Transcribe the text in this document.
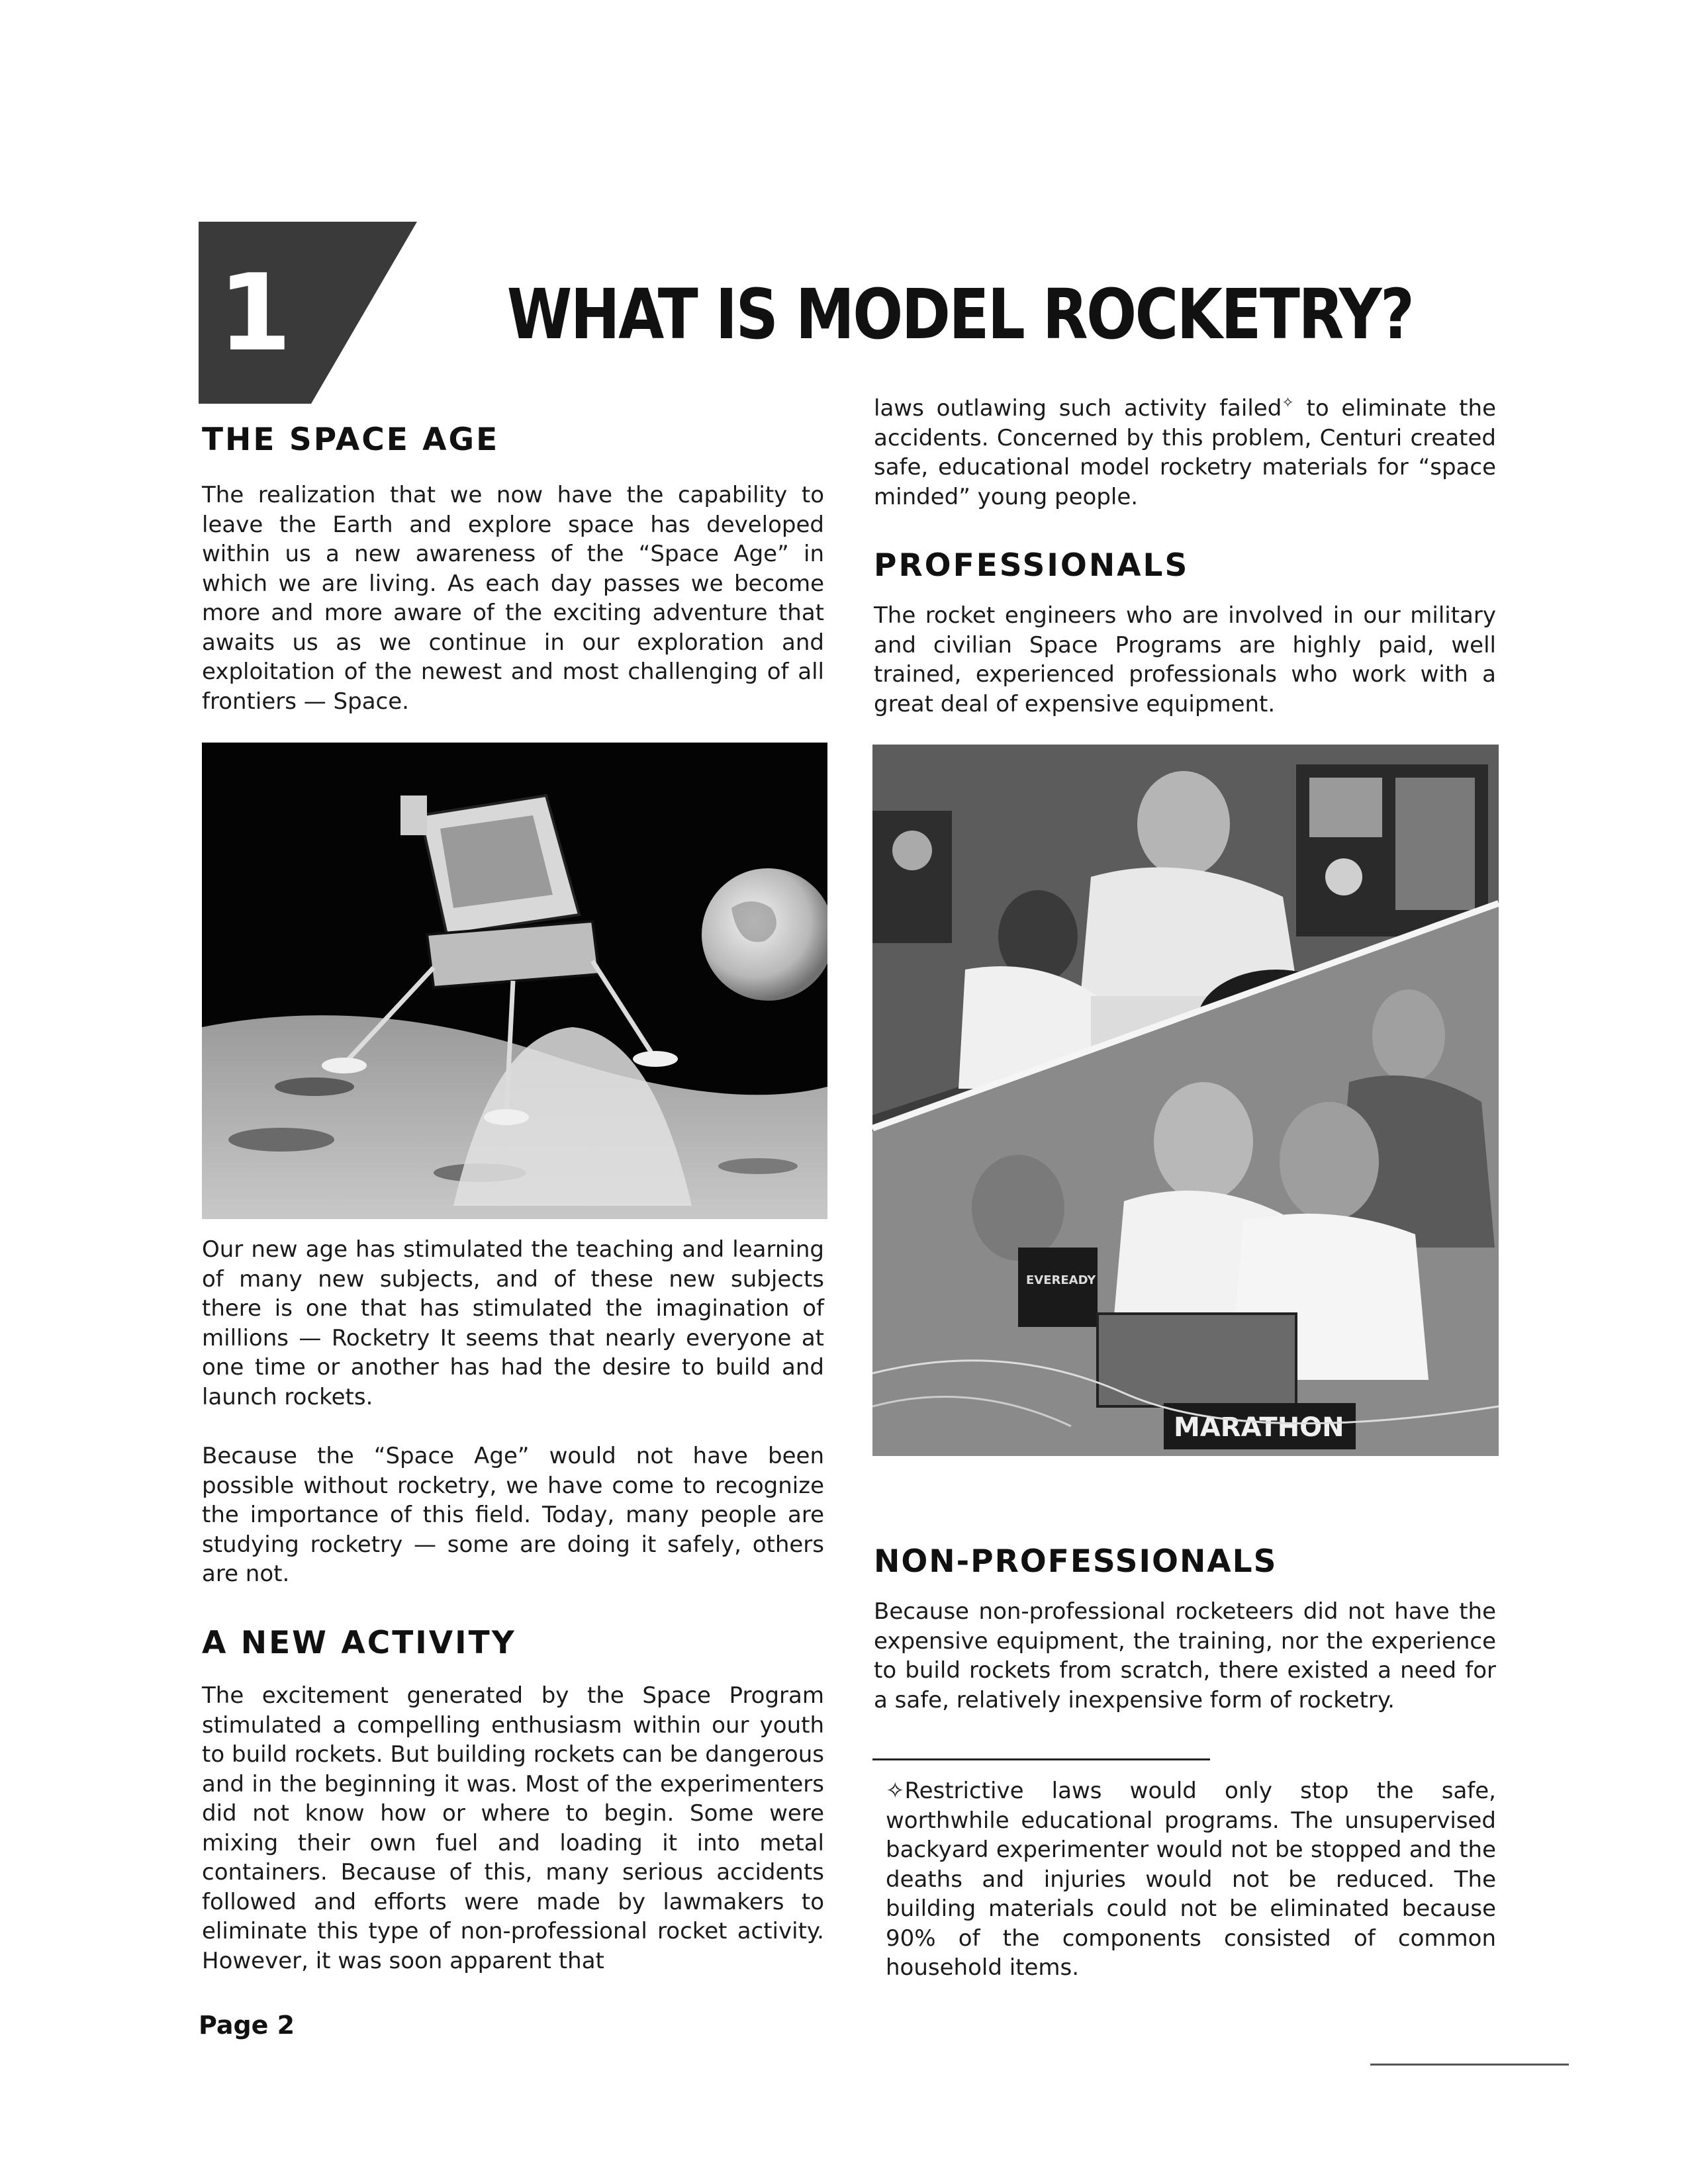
1	WHAT IS MODEL ROCKETRY?
THE SPACE AGE

The realization that we now have the capability to leave the Earth and explore space has developed within us a new awareness of the “Space Age” in which we are living. As each day passes we become more and more aware of the exciting adventure that awaits us as we continue in our exploration and exploitation of the newest and most challenging of all frontiers — Space.

Our new age has stimulated the teaching and learning of many new subjects, and of these new subjects there is one that has stimulated the imagination of millions — Rocketry It seems that nearly everyone at one time or another has had the desire to build and launch rockets.

Because the “Space Age” would not have been possible without rocketry, we have come to recognize the importance of this field. Today, many people are studying rocketry — some are doing it safely, others are not.

A NEW ACTIVITY

The excitement generated by the Space Program stimulated a compelling enthusiasm within our youth to build rockets. But building rockets can be dangerous and in the beginning it was. Most of the experimenters did not know how or where to begin. Some were mixing their own fuel and loading it into metal containers. Because of this, many serious accidents followed and efforts were made by lawmakers to eliminate this type of non-professional rocket activity. However, it was soon apparent that

laws outlawing such activity failed✧ to eliminate the accidents. Concerned by this problem, Centuri created safe, educational model rocketry materials for “space minded” young people.

PROFESSIONALS

The rocket engineers who are involved in our military and civilian Space Programs are highly paid, well trained, experienced professionals who work with a great deal of expensive equipment.

EVEREADY
MARATHON
NON-PROFESSIONALS

Because non-professional rocketeers did not have the expensive equipment, the training, nor the experience to build rockets from scratch, there existed a need for a safe, relatively inexpensive form of rocketry.

✧Restrictive laws would only stop the safe, worthwhile educational programs. The unsupervised backyard experimenter would not be stopped and the deaths and injuries would not be reduced. The building materials could not be eliminated because 90% of the components consisted of common household items.

Page 2
